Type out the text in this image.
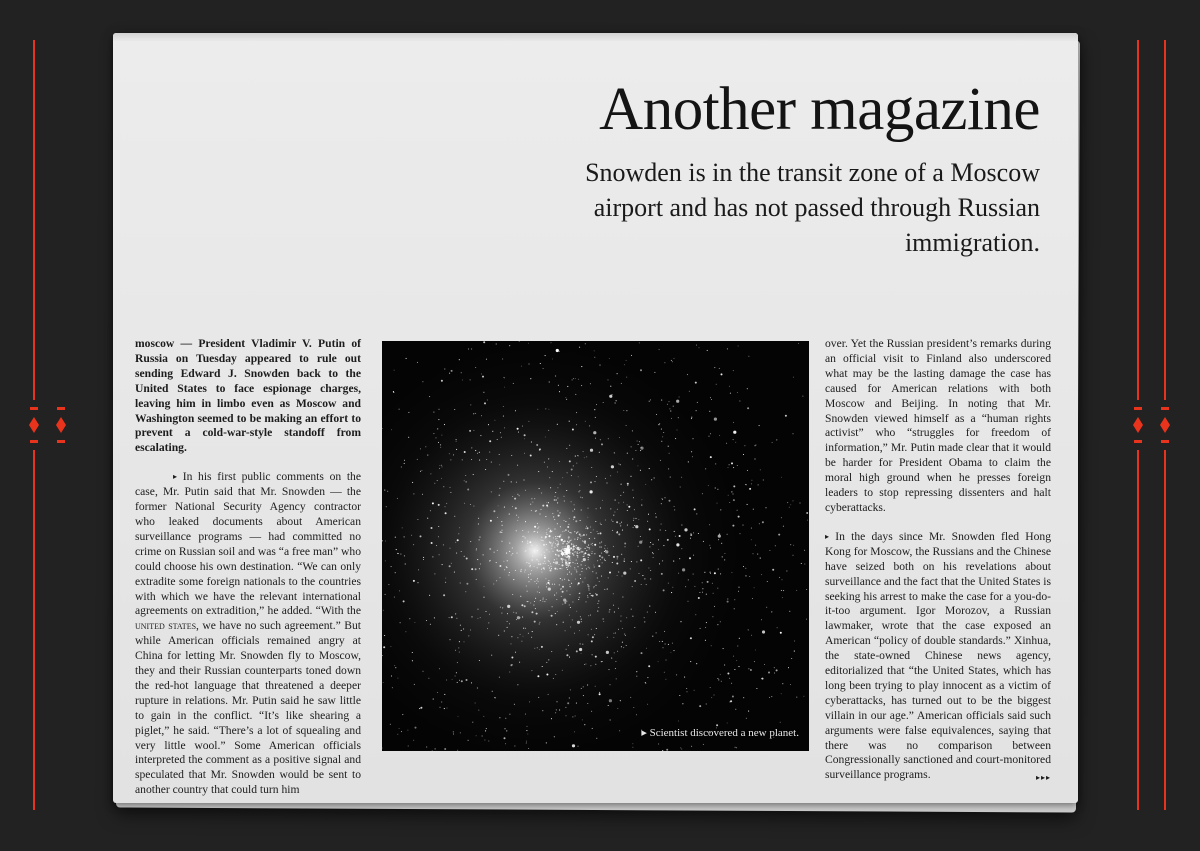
Another magazine
Snowden is in the transit zone of a Moscow airport and has not passed through Russian immigration.

moscow — President Vladimir V. Putin of Russia on Tuesday appeared to rule out sending Edward J. Snowden back to the United States to face espionage charges, leaving him in limbo even as Moscow and Washington seemed to be making an effort to prevent a cold-war-style standoff from escalating.

▸ In his first public comments on the case, Mr. Putin said that Mr. Snowden — the former National Security Agency contractor who leaked documents about American surveillance programs — had committed no crime on Russian soil and was “a free man” who could choose his own destination. “We can only extradite some foreign nationals to the countries with which we have the relevant international agreements on extradition,” he added. “With the united states, we have no such agreement.” But while American officials remained angry at China for letting Mr. Snowden fly to Moscow, they and their Russian counterparts toned down the red-hot language that threatened a deeper rupture in relations. Mr. Putin said he saw little to gain in the conflict. “It’s like shearing a piglet,” he said. “There’s a lot of squealing and very little wool.” Some American officials interpreted the comment as a positive signal and speculated that Mr. Snowden would be sent to another country that could turn him

▸ Scientist discovered a new planet.

over. Yet the Russian president’s remarks during an official visit to Finland also underscored what may be the lasting damage the case has caused for American relations with both Moscow and Beijing. In noting that Mr. Snowden viewed himself as a “human rights activist” who “struggles for freedom of information,” Mr. Putin made clear that it would be harder for President Obama to claim the moral high ground when he presses foreign leaders to stop repressing dissenters and halt cyberattacks.

▸ In the days since Mr. Snowden fled Hong Kong for Moscow, the Russians and the Chinese have seized both on his revelations about surveillance and the fact that the United States is seeking his arrest to make the case for a you-do-it-too argument. Igor Morozov, a Russian lawmaker, wrote that the case exposed an American “policy of double standards.” Xinhua, the state-owned Chinese news agency, editorialized that “the United States, which has long been trying to play innocent as a victim of cyberattacks, has turned out to be the biggest villain in our age.” American officials said such arguments were false equivalences, saying that there was no comparison between Congressionally sanctioned and court-monitored surveillance programs.	▸▸▸
